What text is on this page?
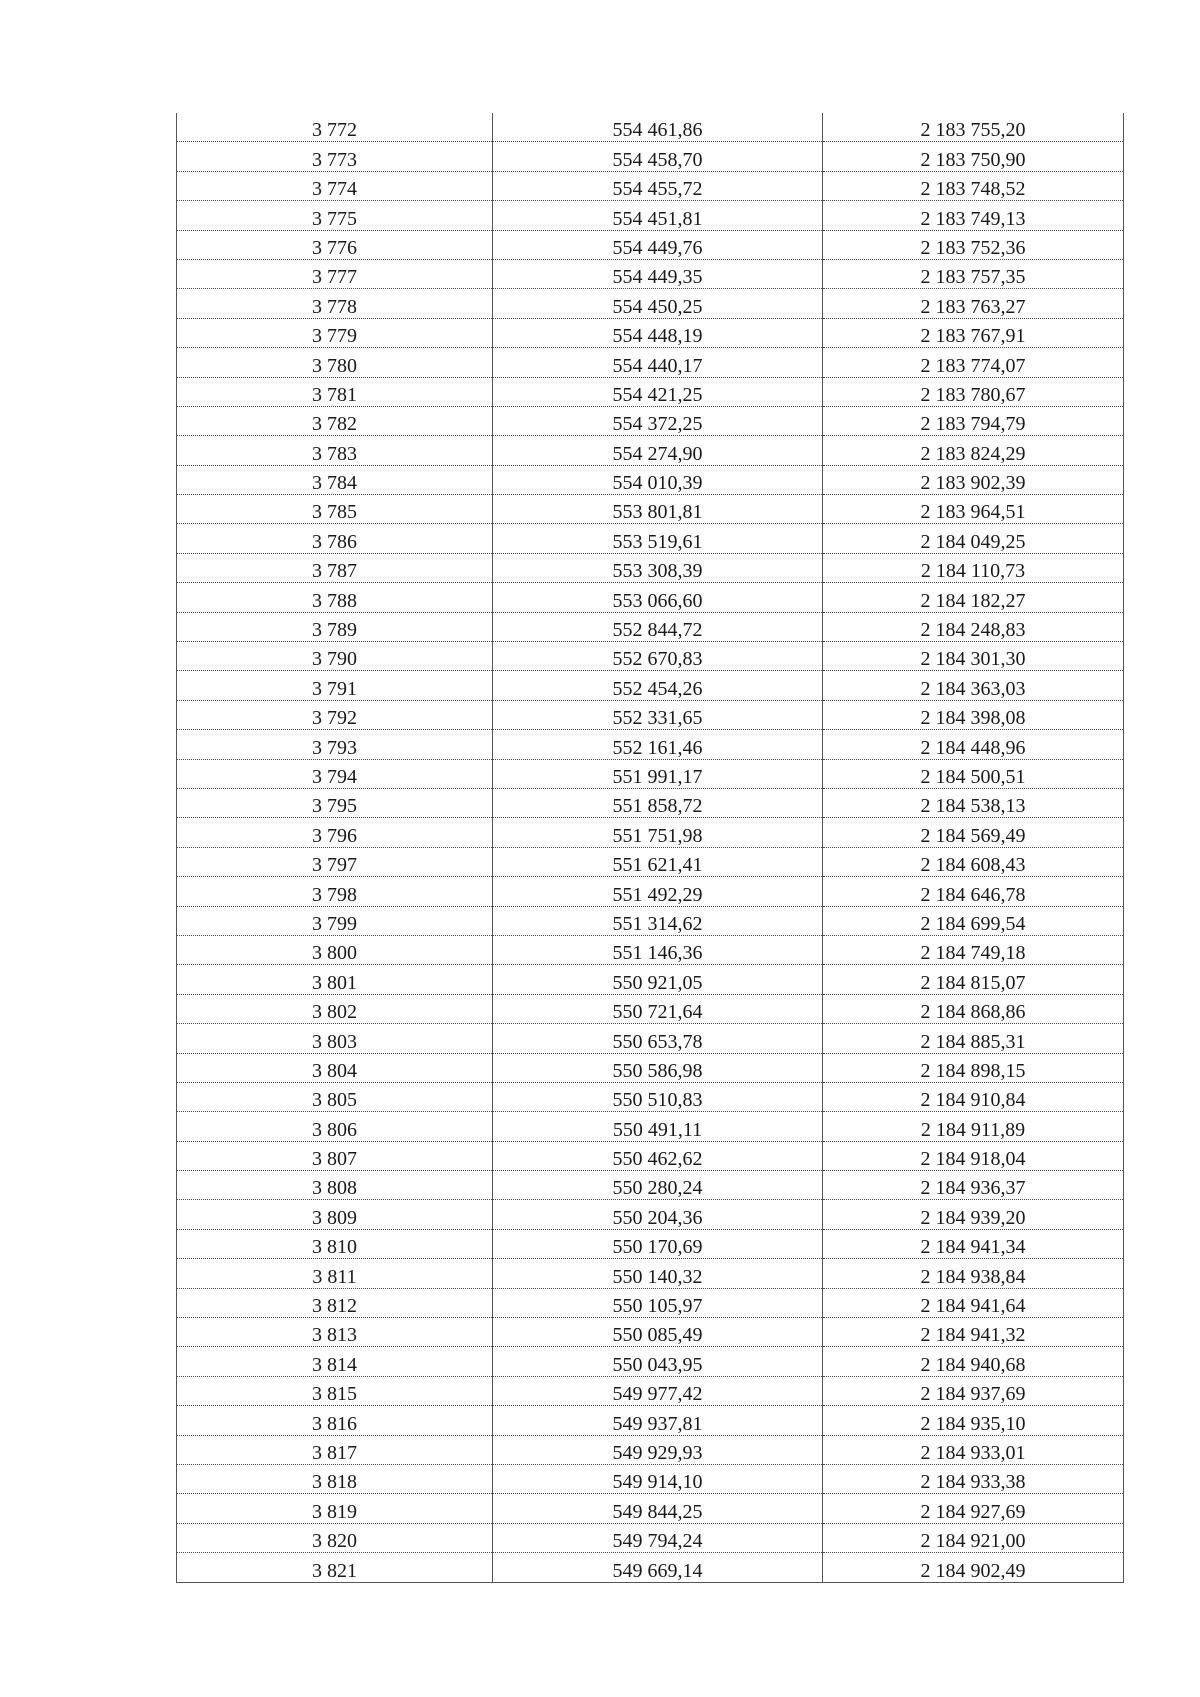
3 772	554 461,86	2 183 755,20
3 773	554 458,70	2 183 750,90
3 774	554 455,72	2 183 748,52
3 775	554 451,81	2 183 749,13
3 776	554 449,76	2 183 752,36
3 777	554 449,35	2 183 757,35
3 778	554 450,25	2 183 763,27
3 779	554 448,19	2 183 767,91
3 780	554 440,17	2 183 774,07
3 781	554 421,25	2 183 780,67
3 782	554 372,25	2 183 794,79
3 783	554 274,90	2 183 824,29
3 784	554 010,39	2 183 902,39
3 785	553 801,81	2 183 964,51
3 786	553 519,61	2 184 049,25
3 787	553 308,39	2 184 110,73
3 788	553 066,60	2 184 182,27
3 789	552 844,72	2 184 248,83
3 790	552 670,83	2 184 301,30
3 791	552 454,26	2 184 363,03
3 792	552 331,65	2 184 398,08
3 793	552 161,46	2 184 448,96
3 794	551 991,17	2 184 500,51
3 795	551 858,72	2 184 538,13
3 796	551 751,98	2 184 569,49
3 797	551 621,41	2 184 608,43
3 798	551 492,29	2 184 646,78
3 799	551 314,62	2 184 699,54
3 800	551 146,36	2 184 749,18
3 801	550 921,05	2 184 815,07
3 802	550 721,64	2 184 868,86
3 803	550 653,78	2 184 885,31
3 804	550 586,98	2 184 898,15
3 805	550 510,83	2 184 910,84
3 806	550 491,11	2 184 911,89
3 807	550 462,62	2 184 918,04
3 808	550 280,24	2 184 936,37
3 809	550 204,36	2 184 939,20
3 810	550 170,69	2 184 941,34
3 811	550 140,32	2 184 938,84
3 812	550 105,97	2 184 941,64
3 813	550 085,49	2 184 941,32
3 814	550 043,95	2 184 940,68
3 815	549 977,42	2 184 937,69
3 816	549 937,81	2 184 935,10
3 817	549 929,93	2 184 933,01
3 818	549 914,10	2 184 933,38
3 819	549 844,25	2 184 927,69
3 820	549 794,24	2 184 921,00
3 821	549 669,14	2 184 902,49
